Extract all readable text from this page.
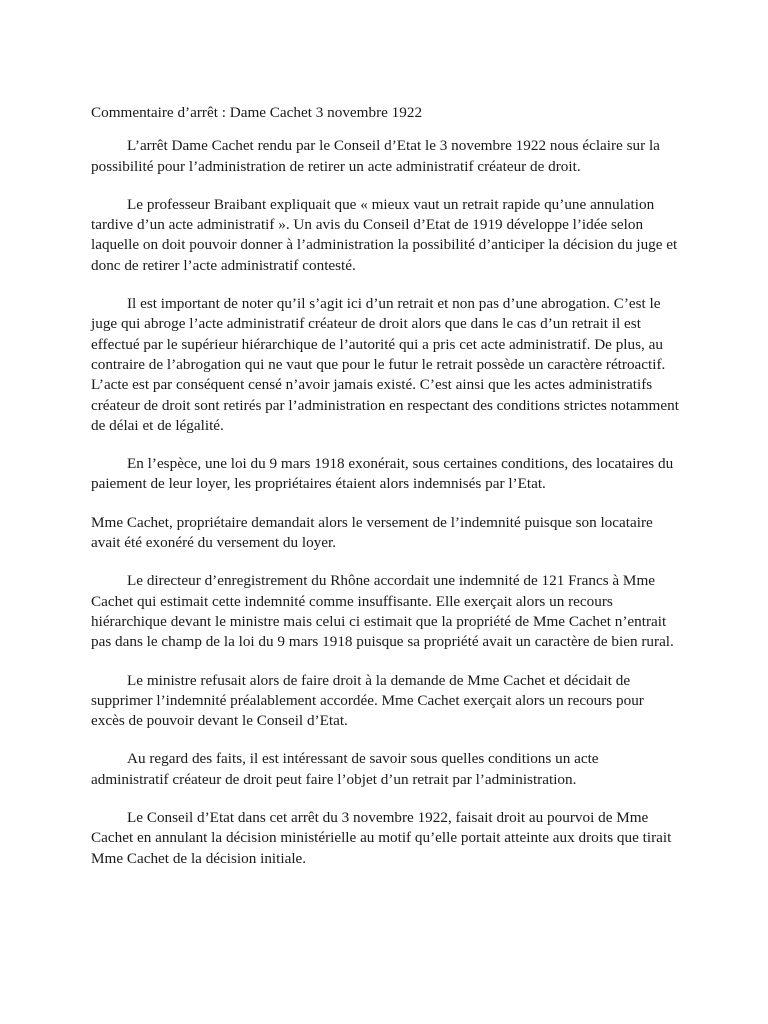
Commentaire d’arrêt : Dame Cachet 3 novembre 1922

L’arrêt Dame Cachet rendu par le Conseil d’Etat le 3 novembre 1922 nous éclaire sur la possibilité pour l’administration de retirer un acte administratif créateur de droit.

Le professeur Braibant expliquait que « mieux vaut un retrait rapide qu’une annulation tardive d’un acte administratif ». Un avis du Conseil d’Etat de 1919 développe l’idée selon laquelle on doit pouvoir donner à l’administration la possibilité d’anticiper la décision du juge et donc de retirer l’acte administratif contesté.

Il est important de noter qu’il s’agit ici d’un retrait et non pas d’une abrogation. C’est le juge qui abroge l’acte administratif créateur de droit alors que dans le cas d’un retrait il est effectué par le supérieur hiérarchique de l’autorité qui a pris cet acte administratif. De plus, au contraire de l’abrogation qui ne vaut que pour le futur le retrait possède un caractère rétroactif. L’acte est par conséquent censé n’avoir jamais existé. C’est ainsi que les actes administratifs créateur de droit sont retirés par l’administration en respectant des conditions strictes notamment de délai et de légalité.

En l’espèce, une loi du 9 mars 1918 exonérait, sous certaines conditions, des locataires du paiement de leur loyer, les propriétaires étaient alors indemnisés par l’Etat.

Mme Cachet, propriétaire demandait alors le versement de l’indemnité puisque son locataire avait été exonéré du versement du loyer.

Le directeur d’enregistrement du Rhône accordait une indemnité de 121 Francs à Mme Cachet qui estimait cette indemnité comme insuffisante. Elle exerçait alors un recours hiérarchique devant le ministre mais celui ci estimait que la propriété de Mme Cachet n’entrait pas dans le champ de la loi du 9 mars 1918 puisque sa propriété avait un caractère de bien rural.

Le ministre refusait alors de faire droit à la demande de Mme Cachet et décidait de supprimer l’indemnité préalablement accordée. Mme Cachet exerçait alors un recours pour excès de pouvoir devant le Conseil d’Etat.

Au regard des faits, il est intéressant de savoir sous quelles conditions un acte administratif créateur de droit peut faire l’objet d’un retrait par l’administration.

Le Conseil d’Etat dans cet arrêt du 3 novembre 1922, faisait droit au pourvoi de Mme Cachet en annulant la décision ministérielle au motif qu’elle portait atteinte aux droits que tirait Mme Cachet de la décision initiale.
